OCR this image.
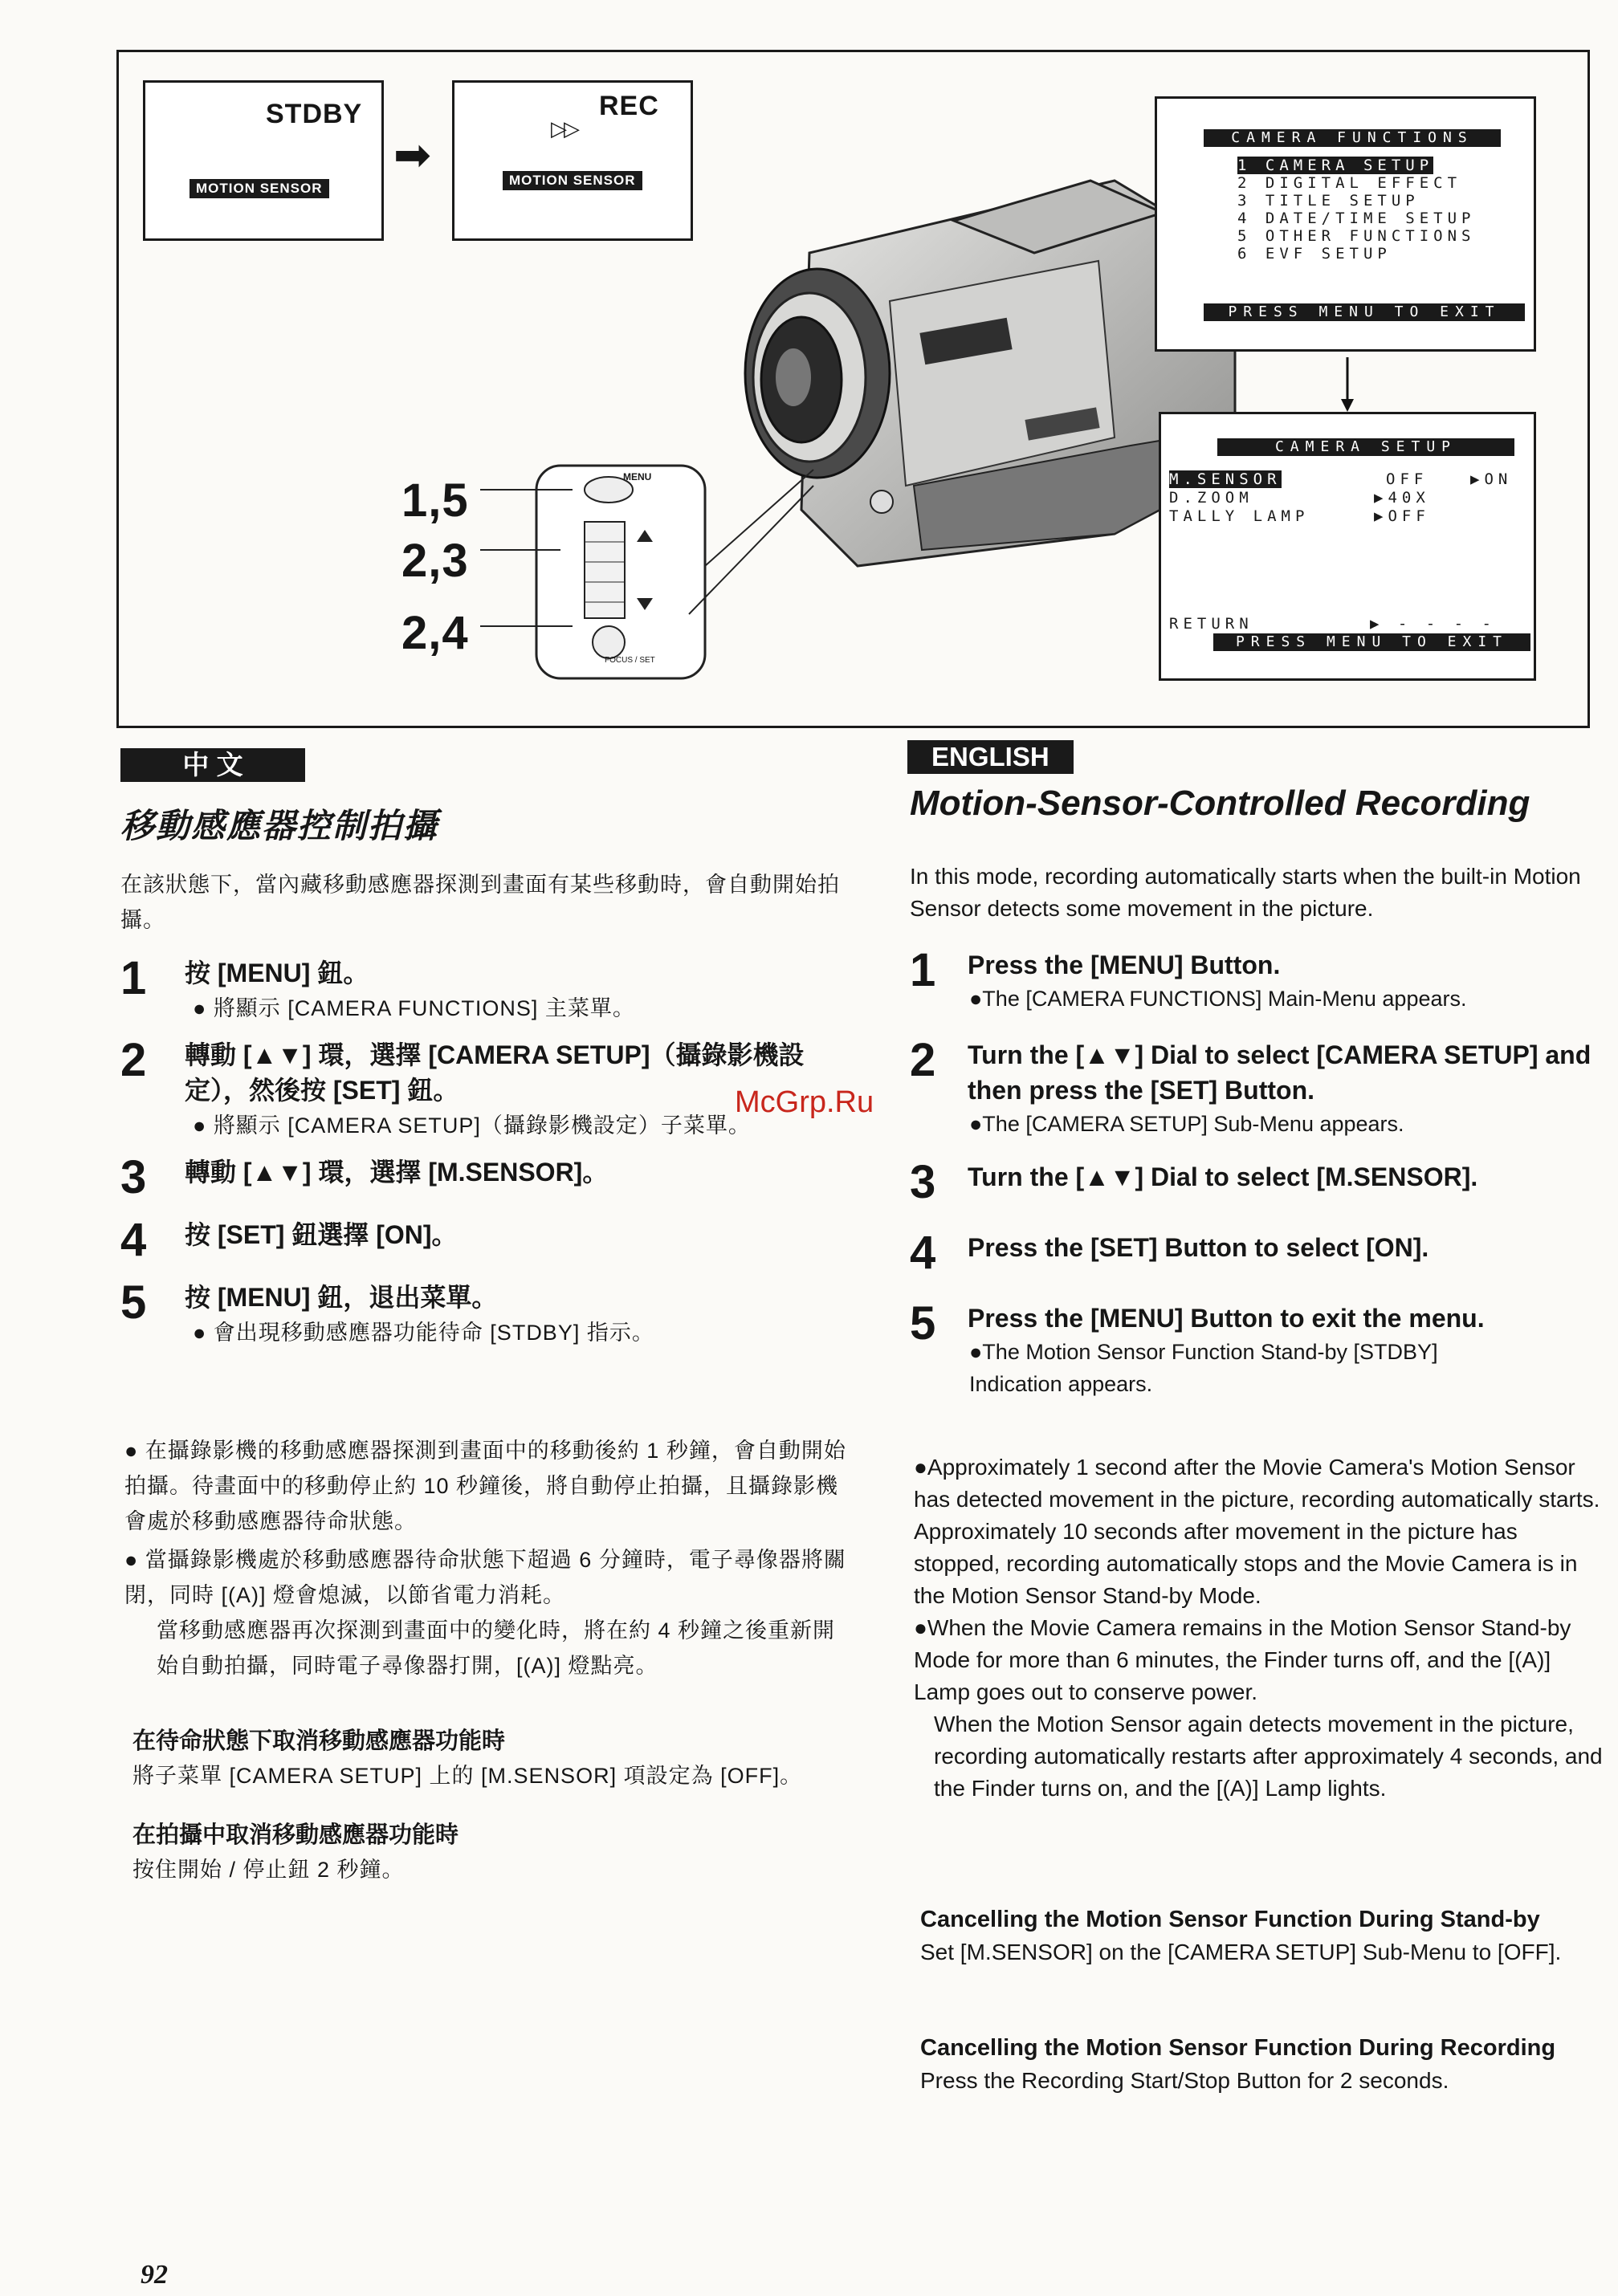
STDBY
MOTION SENSOR
➡
▷▷
REC
MOTION SENSOR
1,5
2,3
2,4
MENU
FOCUS / SET
CAMERA FUNCTIONS
1 CAMERA SETUP
2 DIGITAL EFFECT
3 TITLE SETUP
4 DATE/TIME SETUP
5 OTHER FUNCTIONS
6 EVF SETUP
PRESS MENU TO EXIT
CAMERA SETUP
M.SENSOR	OFF	▶ON
D.ZOOM	▶40X
TALLY LAMP	▶OFF
RETURN	▶ - - - -
PRESS MENU TO EXIT
中 文
移動感應器控制拍攝
在該狀態下，當內藏移動感應器探測到畫面有某些移動時，會自動開始拍攝。
1	按 [MENU] 鈕。
● 將顯示 [CAMERA FUNCTIONS] 主菜單。
2	轉動 [▲▼] 環，選擇 [CAMERA SETUP]（攝錄影機設定），然後按 [SET] 鈕。
● 將顯示 [CAMERA SETUP]（攝錄影機設定）子菜單。
3	轉動 [▲▼] 環，選擇 [M.SENSOR]。
4	按 [SET] 鈕選擇 [ON]。
5	按 [MENU] 鈕，退出菜單。
● 會出現移動感應器功能待命 [STDBY] 指示。
● 在攝錄影機的移動感應器探測到畫面中的移動後約 1 秒鐘，會自動開始拍攝。待畫面中的移動停止約 10 秒鐘後，將自動停止拍攝，且攝錄影機會處於移動感應器待命狀態。
● 當攝錄影機處於移動感應器待命狀態下超過 6 分鐘時，電子尋像器將關閉，同時 [(A)] 燈會熄滅，以節省電力消耗。
當移動感應器再次探測到畫面中的變化時，將在約 4 秒鐘之後重新開始自動拍攝，同時電子尋像器打開，[(A)] 燈點亮。
在待命狀態下取消移動感應器功能時
將子菜單 [CAMERA SETUP] 上的 [M.SENSOR] 項設定為 [OFF]。
在拍攝中取消移動感應器功能時
按住開始 / 停止鈕 2 秒鐘。
McGrp.Ru
ENGLISH
Motion-Sensor-Controlled Recording
In this mode, recording automatically starts when the built-in Motion Sensor detects some movement in the picture.
1	Press the [MENU] Button.
●The [CAMERA FUNCTIONS] Main-Menu appears.
2	Turn the [▲▼] Dial to select [CAMERA SETUP] and then press the [SET] Button.
●The [CAMERA SETUP] Sub-Menu appears.
3	Turn the [▲▼] Dial to select [M.SENSOR].
4	Press the [SET] Button to select [ON].
5	Press the [MENU] Button to exit the menu.
●The Motion Sensor Function Stand-by [STDBY] Indication appears.
●Approximately 1 second after the Movie Camera's Motion Sensor has detected movement in the picture, recording automatically starts. Approximately 10 seconds after movement in the picture has stopped, recording automatically stops and the Movie Camera is in the Motion Sensor Stand-by Mode.
●When the Movie Camera remains in the Motion Sensor Stand-by Mode for more than 6 minutes, the Finder turns off, and the [(A)] Lamp goes out to conserve power.
When the Motion Sensor again detects movement in the picture, recording automatically restarts after approximately 4 seconds, and the Finder turns on, and the [(A)] Lamp lights.
Cancelling the Motion Sensor Function During Stand-by
Set [M.SENSOR] on the [CAMERA SETUP] Sub-Menu to [OFF].
Cancelling the Motion Sensor Function During Recording
Press the Recording Start/Stop Button for 2 seconds.
92
